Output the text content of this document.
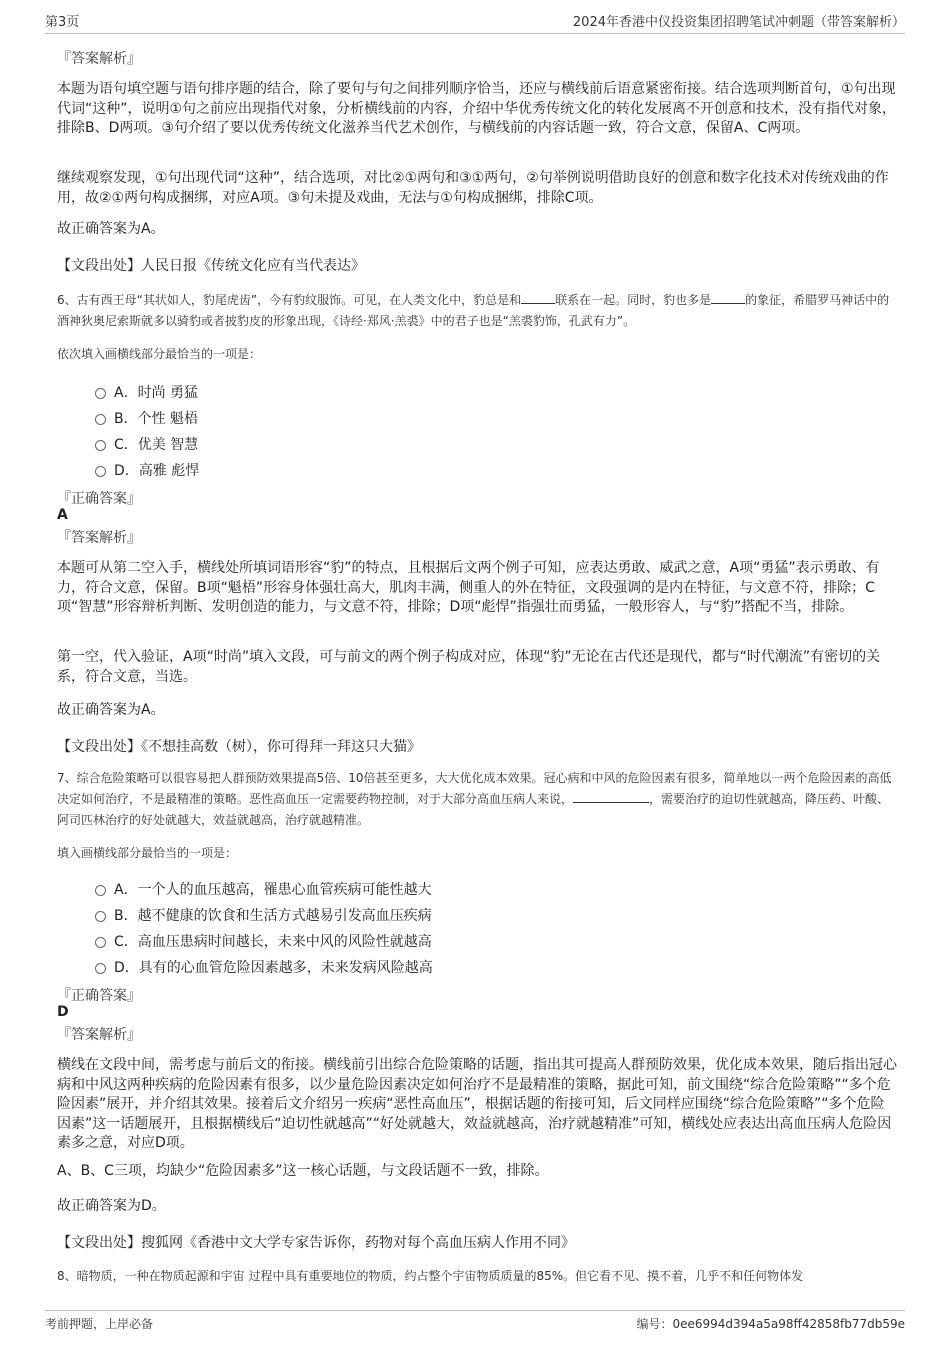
第3页	2024年香港中仪投资集团招聘笔试冲刺题（带答案解析）
『答案解析』

本题为语句填空题与语句排序题的结合，除了要句与句之间排列顺序恰当，还应与横线前后语意紧密衔接。结合选项判断首句，①句出现代词“这种”，说明①句之前应出现指代对象，分析横线前的内容，介绍中华优秀传统文化的转化发展离不开创意和技术，没有指代对象，排除B、D两项。③句介绍了要以优秀传统文化滋养当代艺术创作，与横线前的内容话题一致，符合文意，保留A、C两项。

继续观察发现，①句出现代词“这种”，结合选项，对比②①两句和③①两句，②句举例说明借助良好的创意和数字化技术对传统戏曲的作用，故②①两句构成捆绑，对应A项。③句未提及戏曲，无法与①句构成捆绑，排除C项。

故正确答案为A。
【文段出处】人民日报《传统文化应有当代表达》

6、古有西王母“其状如人，豹尾虎齿”，今有豹纹服饰。可见，在人类文化中，豹总是和	联系在一起。同时，豹也多是	的象征，希腊罗马神话中的酒神狄奥尼索斯就多以骑豹或者披豹皮的形象出现，《诗经·郑风·羔裘》中的君子也是“羔裘豹饰，孔武有力”。

依次填入画横线部分最恰当的一项是：
A．时尚 勇猛
B．个性 魁梧
C．优美 智慧
D．高雅 彪悍
『正确答案』
A
『答案解析』

本题可从第二空入手，横线处所填词语形容“豹”的特点，且根据后文两个例子可知，应表达勇敢、威武之意，A项“勇猛”表示勇敢、有力，符合文意，保留。B项“魁梧”形容身体强壮高大，肌肉丰满，侧重人的外在特征，文段强调的是内在特征，与文意不符，排除；C项“智慧”形容辩析判断、发明创造的能力，与文意不符，排除；D项“彪悍”指强壮而勇猛，一般形容人，与“豹”搭配不当，排除。

第一空，代入验证，A项“时尚”填入文段，可与前文的两个例子构成对应，体现“豹”无论在古代还是现代，都与“时代潮流”有密切的关系，符合文意，当选。

故正确答案为A。
【文段出处】《不想挂高数（树），你可得拜一拜这只大猫》

7、综合危险策略可以很容易把人群预防效果提高5倍、10倍甚至更多，大大优化成本效果。冠心病和中风的危险因素有很多，简单地以一两个危险因素的高低决定如何治疗，不是最精准的策略。恶性高血压一定需要药物控制，对于大部分高血压病人来说，	，需要治疗的迫切性就越高，降压药、叶酸、阿司匹林治疗的好处就越大，效益就越高，治疗就越精准。

填入画横线部分最恰当的一项是：
A．一个人的血压越高，罹患心血管疾病可能性越大
B．越不健康的饮食和生活方式越易引发高血压疾病
C．高血压患病时间越长，未来中风的风险性就越高
D．具有的心血管危险因素越多，未来发病风险越高
『正确答案』
D
『答案解析』

横线在文段中间，需考虑与前后文的衔接。横线前引出综合危险策略的话题，指出其可提高人群预防效果，优化成本效果，随后指出冠心病和中风这两种疾病的危险因素有很多，以少量危险因素决定如何治疗不是最精准的策略，据此可知，前文围绕“综合危险策略”“多个危险因素”展开，并介绍其效果。接着后文介绍另一疾病“恶性高血压”，根据话题的衔接可知，后文同样应围绕“综合危险策略”“多个危险因素”这一话题展开，且根据横线后“迫切性就越高”“好处就越大，效益就越高，治疗就越精准”可知，横线处应表达出高血压病人危险因素多之意，对应D项。

A、B、C三项，均缺少“危险因素多”这一核心话题，与文段话题不一致，排除。

故正确答案为D。
【文段出处】搜狐网《香港中文大学专家告诉你，药物对每个高血压病人作用不同》

8、暗物质，一种在物质起源和宇宙 过程中具有重要地位的物质，约占整个宇宙物质质量的85%。但它看不见、摸不着，几乎不和任何物体发

考前押题，上岸必备	编号：0ee6994d394a5a98ff42858fb77db59e
